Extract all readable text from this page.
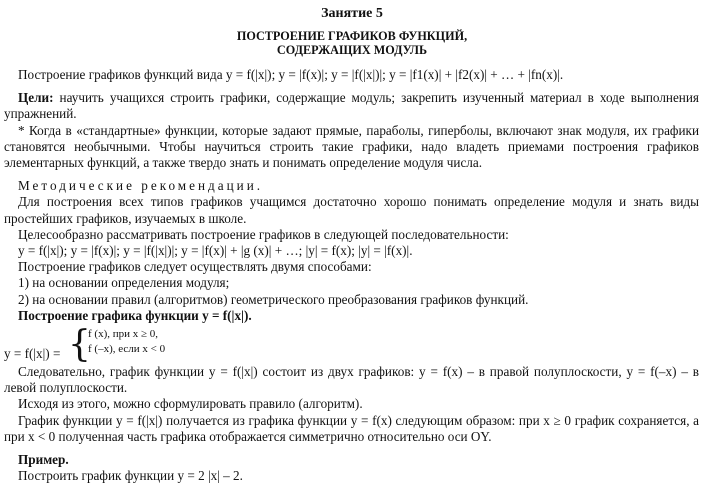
Занятие 5
ПОСТРОЕНИЕ ГРАФИКОВ ФУНКЦИЙ,
СОДЕРЖАЩИХ МОДУЛЬ

Построение графиков функций вида y = f(|x|); y = |f(x)|; y = |f(|x|)|; y = |f1(x)| + |f2(x)| + … + |fn(x)|.

Цели: научить учащихся строить графики, содержащие модуль; закрепить изученный материал в ходе выполнения упражнений.

* Когда в «стандартные» функции, которые задают прямые, параболы, гиперболы, включают знак модуля, их графики становятся необычными. Чтобы научиться строить такие графики, надо владеть приемами построения графиков элементарных функций, а также твердо знать и понимать определение модуля числа.

Методические рекомендации.

Для построения всех типов графиков учащимся достаточно хорошо понимать определение модуля и знать виды простейших графиков, изучаемых в школе.

Целесообразно рассматривать построение графиков в следующей последовательности:

y = f(|x|); y = |f(x)|; y = |f(|x|)|; y = |f(x)| + |g (x)| + …; |y| = f(x); |y| = |f(x)|.

Построение графиков следует осуществлять двумя способами:

1) на основании определения модуля;

2) на основании правил (алгоритмов) геометрического преобразования графиков функций.

Построение графика функции y = f(|x|).

y = f(|x|) = {
f (x), при x ≥ 0,
f (–x), если x < 0

Следовательно, график функции y = f(|x|) состоит из двух графиков: y = f(x) – в правой полуплоскости, y = f(–x) – в левой полуплоскости.

Исходя из этого, можно сформулировать правило (алгоритм).

График функции y = f(|x|) получается из графика функции y = f(x) следующим образом: при x ≥ 0 график сохраняется, а при x < 0 полученная часть графика отображается симметрично относительно оси OY.

Пример.

Построить график функции y = 2 |x| – 2.
